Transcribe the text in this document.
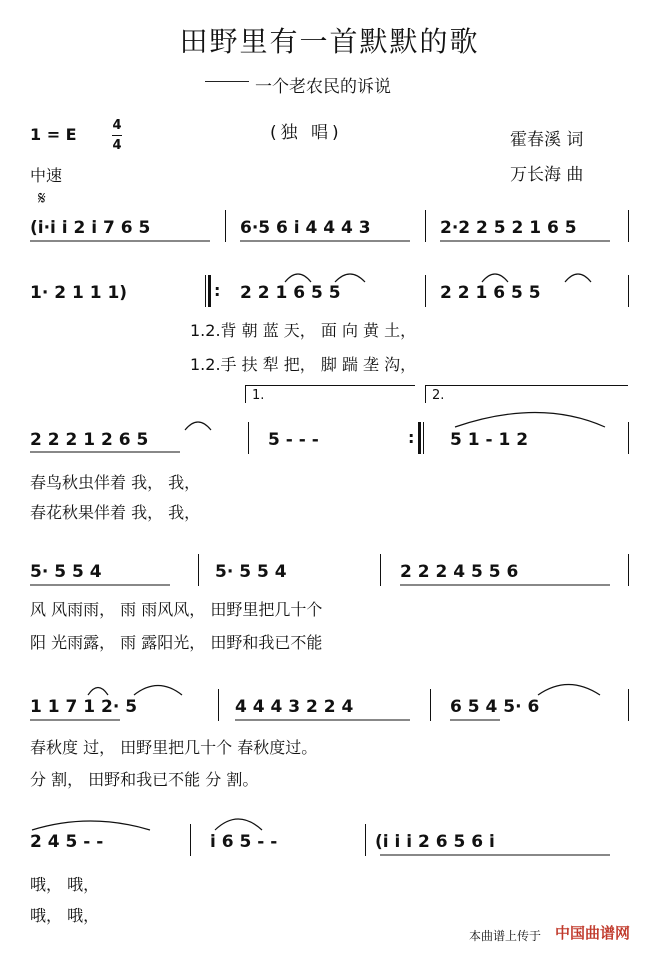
田野里有一首默默的歌
一个老农民的诉说
1 = E	4
4
(独 唱)	霍春溪 词
万长海 曲
中速
𝄋
(i̇·i̇ i̇ 2 i̇ 7 6 5	6·5 6 i̇ 4 4 4 3	2·2 2 5 2 1 6 5
1· 2 1 1 1)	2 2 1 6 5 5	2 2 1 6 5 5
:
1.2.背 朝 蓝 天， 面 向 黄 土，
1.2.手 扶 犁 把， 脚 踹 垄 沟，
1.	2.
2 2 2 1 2 6 5	5 - - -	5 1 - 1 2
:
春鸟秋虫伴着 我， 我，
春花秋果伴着 我， 我，
5· 5 5 4	5· 5 5 4	2 2 2 4 5 5 6
风 风雨雨， 雨 雨风风， 田野里把几十个
阳 光雨露， 雨 露阳光， 田野和我已不能
1 1 7 1 2· 5	4 4 4 3 2 2 4	6 5 4 5· 6
春秋度 过， 田野里把几十个 春秋度过。
分 割， 田野和我已不能 分 割。
2 4 5 - -	i̇ 6 5 - -	(i̇ i̇ i̇ 2 6 5 6 i̇
哦， 哦，
哦， 哦，
本曲谱上传于 中国曲谱网
